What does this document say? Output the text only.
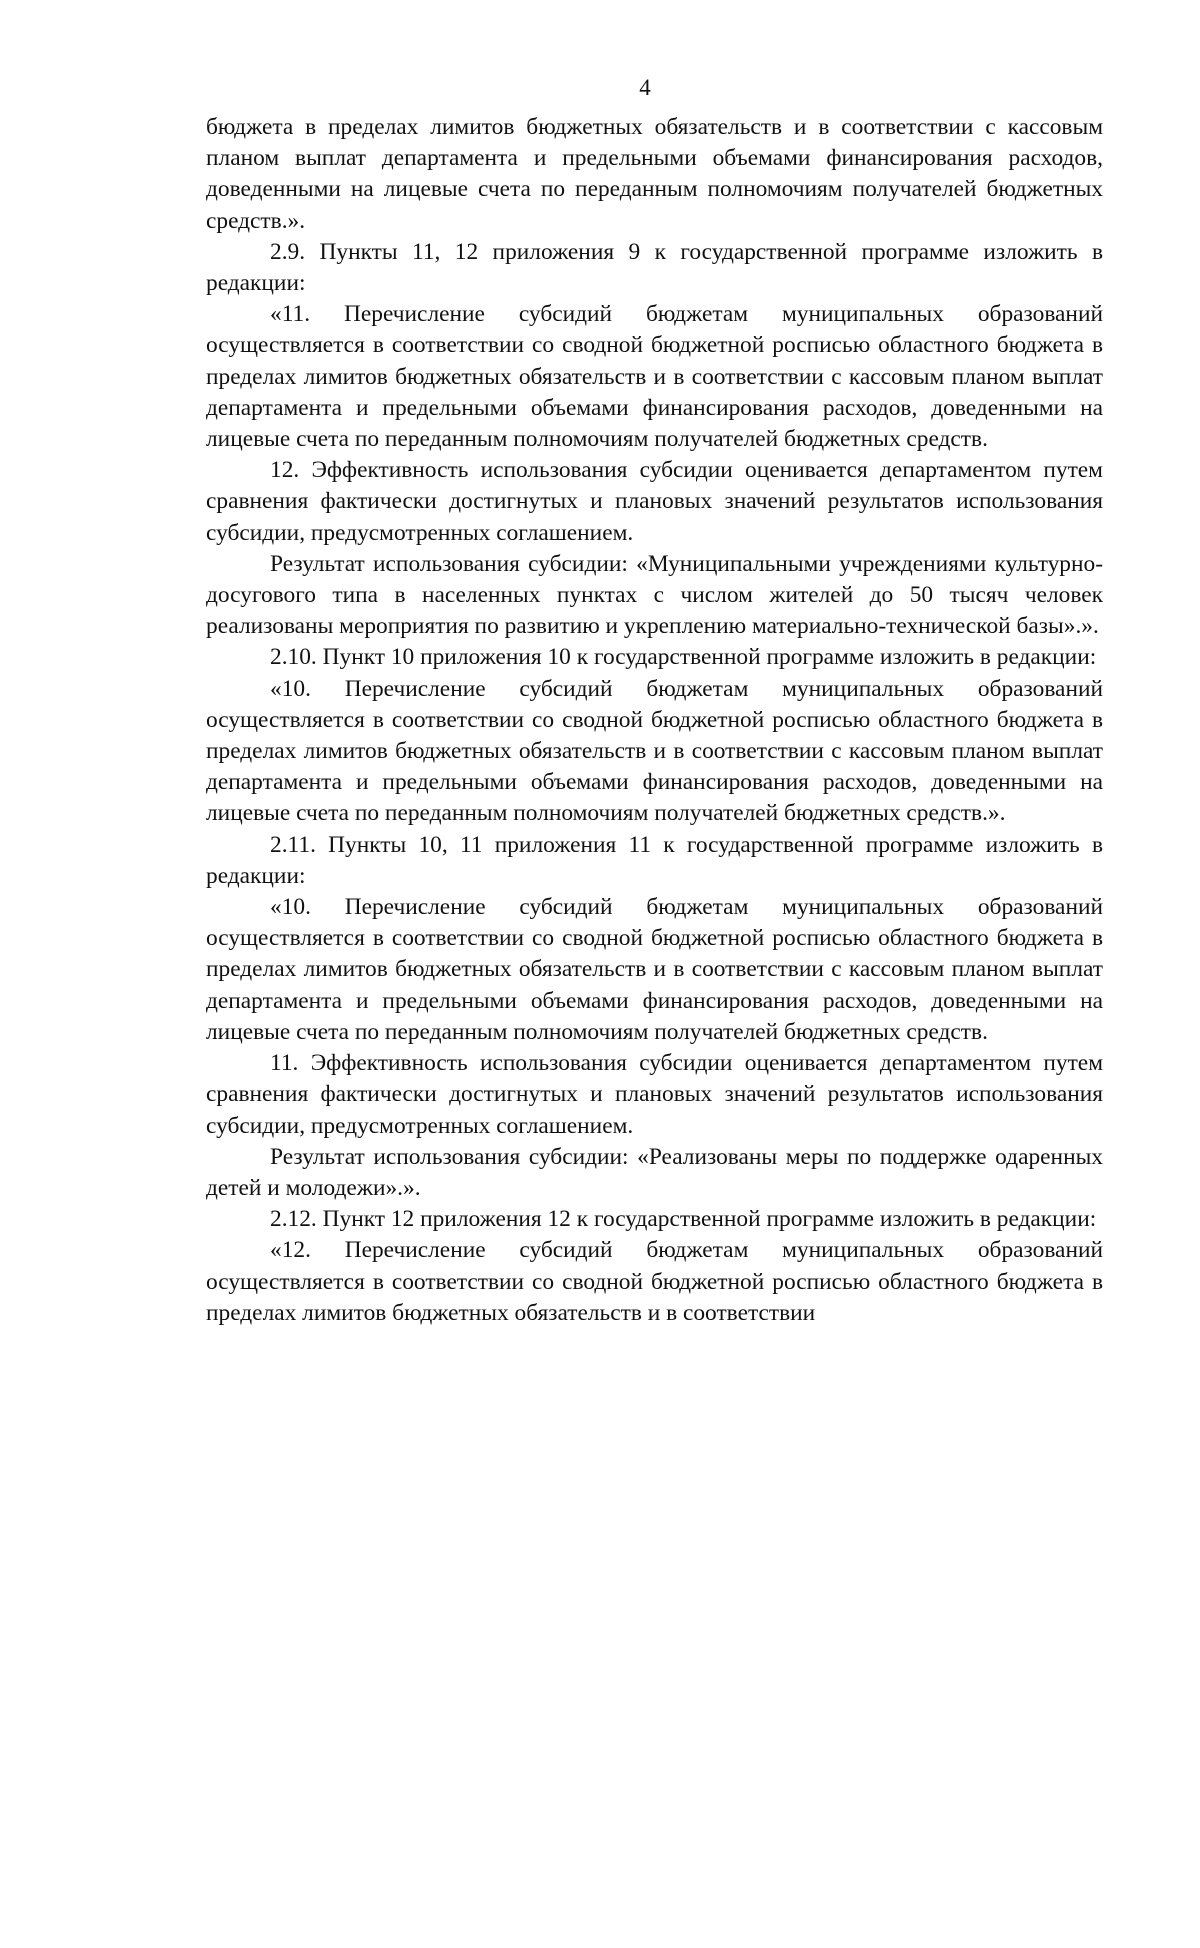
4

бюджета в пределах лимитов бюджетных обязательств и в соответствии с кассовым планом выплат департамента и предельными объемами финансирования расходов, доведенными на лицевые счета по переданным полномочиям получателей бюджетных средств.».

2.9. Пункты 11, 12 приложения 9 к государственной программе изложить в редакции:

«11. Перечисление субсидий бюджетам муниципальных образований осуществляется в соответствии со сводной бюджетной росписью областного бюджета в пределах лимитов бюджетных обязательств и в соответствии с кассовым планом выплат департамента и предельными объемами финансирования расходов, доведенными на лицевые счета по переданным полномочиям получателей бюджетных средств.

12. Эффективность использования субсидии оценивается департаментом путем сравнения фактически достигнутых и плановых значений результатов использования субсидии, предусмотренных соглашением.

Результат использования субсидии: «Муниципальными учреждениями культурно-досугового типа в населенных пунктах с числом жителей до 50 тысяч человек реализованы мероприятия по развитию и укреплению материально-технической базы».».

2.10. Пункт 10 приложения 10 к государственной программе изложить в редакции:

«10. Перечисление субсидий бюджетам муниципальных образований осуществляется в соответствии со сводной бюджетной росписью областного бюджета в пределах лимитов бюджетных обязательств и в соответствии с кассовым планом выплат департамента и предельными объемами финансирования расходов, доведенными на лицевые счета по переданным полномочиям получателей бюджетных средств.».

2.11. Пункты 10, 11 приложения 11 к государственной программе изложить в редакции:

«10. Перечисление субсидий бюджетам муниципальных образований осуществляется в соответствии со сводной бюджетной росписью областного бюджета в пределах лимитов бюджетных обязательств и в соответствии с кассовым планом выплат департамента и предельными объемами финансирования расходов, доведенными на лицевые счета по переданным полномочиям получателей бюджетных средств.

11. Эффективность использования субсидии оценивается департаментом путем сравнения фактически достигнутых и плановых значений результатов использования субсидии, предусмотренных соглашением.

Результат использования субсидии: «Реализованы меры по поддержке одаренных детей и молодежи».».

2.12. Пункт 12 приложения 12 к государственной программе изложить в редакции:

«12. Перечисление субсидий бюджетам муниципальных образований осуществляется в соответствии со сводной бюджетной росписью областного бюджета в пределах лимитов бюджетных обязательств и в соответствии
